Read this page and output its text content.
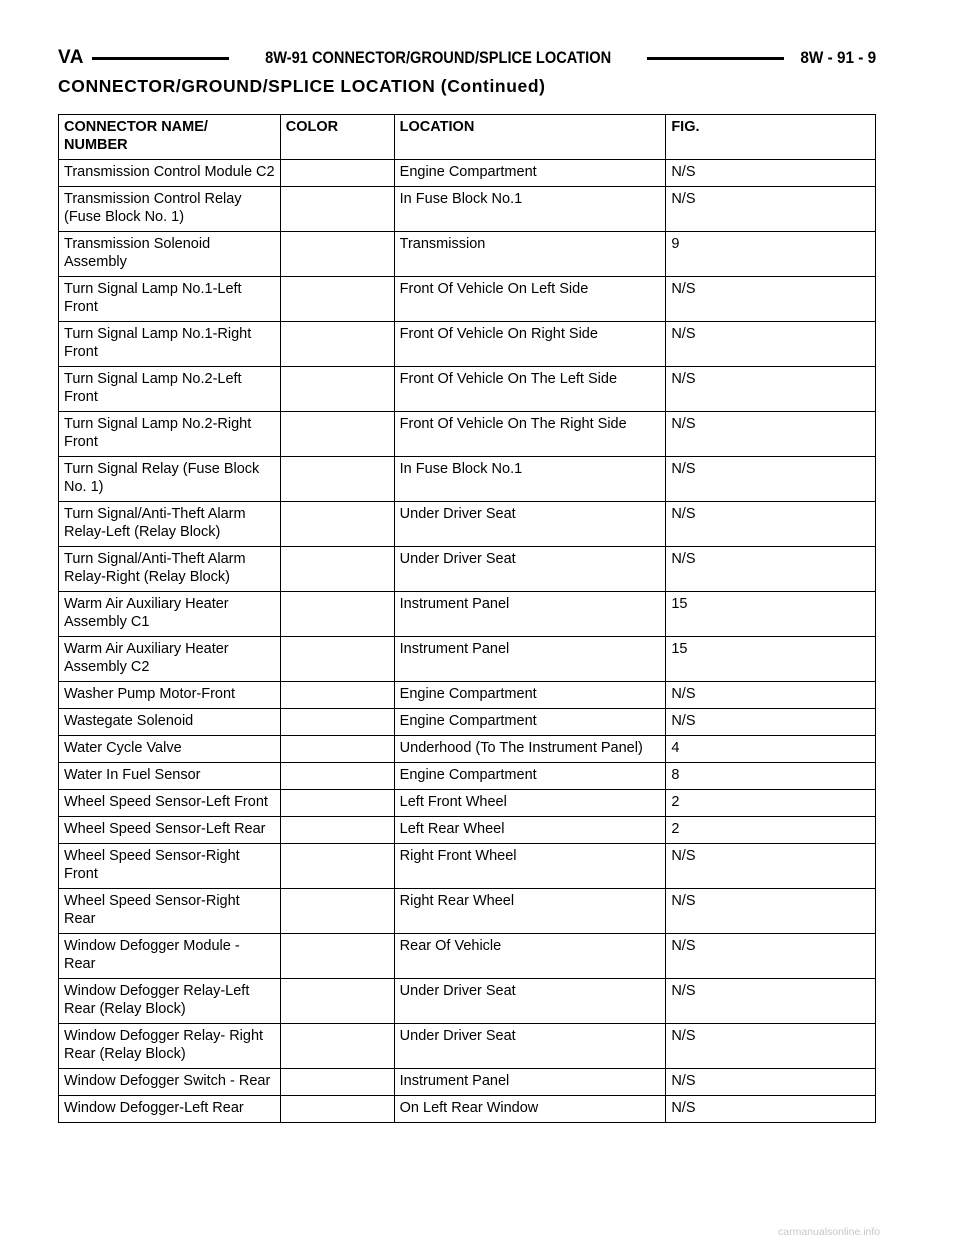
VA	8W-91 CONNECTOR/GROUND/SPLICE LOCATION	8W - 91 - 9
CONNECTOR/GROUND/SPLICE LOCATION (Continued)
CONNECTOR NAME/ NUMBER	COLOR	LOCATION	FIG.
Transmission Control Module C2		Engine Compartment	N/S
Transmission Control Relay (Fuse Block No. 1)		In Fuse Block No.1	N/S
Transmission Solenoid Assembly		Transmission	9
Turn Signal Lamp No.1-Left Front		Front Of Vehicle On Left Side	N/S
Turn Signal Lamp No.1-Right Front		Front Of Vehicle On Right Side	N/S
Turn Signal Lamp No.2-Left Front		Front Of Vehicle On The Left Side	N/S
Turn Signal Lamp No.2-Right Front		Front Of Vehicle On The Right Side	N/S
Turn Signal Relay (Fuse Block No. 1)		In Fuse Block No.1	N/S
Turn Signal/Anti-Theft Alarm Relay-Left (Relay Block)		Under Driver Seat	N/S
Turn Signal/Anti-Theft Alarm Relay-Right (Relay Block)		Under Driver Seat	N/S
Warm Air Auxiliary Heater Assembly C1		Instrument Panel	15
Warm Air Auxiliary Heater Assembly C2		Instrument Panel	15
Washer Pump Motor-Front		Engine Compartment	N/S
Wastegate Solenoid		Engine Compartment	N/S
Water Cycle Valve		Underhood (To The Instrument Panel)	4
Water In Fuel Sensor		Engine Compartment	8
Wheel Speed Sensor-Left Front		Left Front Wheel	2
Wheel Speed Sensor-Left Rear		Left Rear Wheel	2
Wheel Speed Sensor-Right Front		Right Front Wheel	N/S
Wheel Speed Sensor-Right Rear		Right Rear Wheel	N/S
Window Defogger Module - Rear		Rear Of Vehicle	N/S
Window Defogger Relay-Left Rear (Relay Block)		Under Driver Seat	N/S
Window Defogger Relay- Right Rear (Relay Block)		Under Driver Seat	N/S
Window Defogger Switch - Rear		Instrument Panel	N/S
Window Defogger-Left Rear		On Left Rear Window	N/S
carmanualsonline.info
